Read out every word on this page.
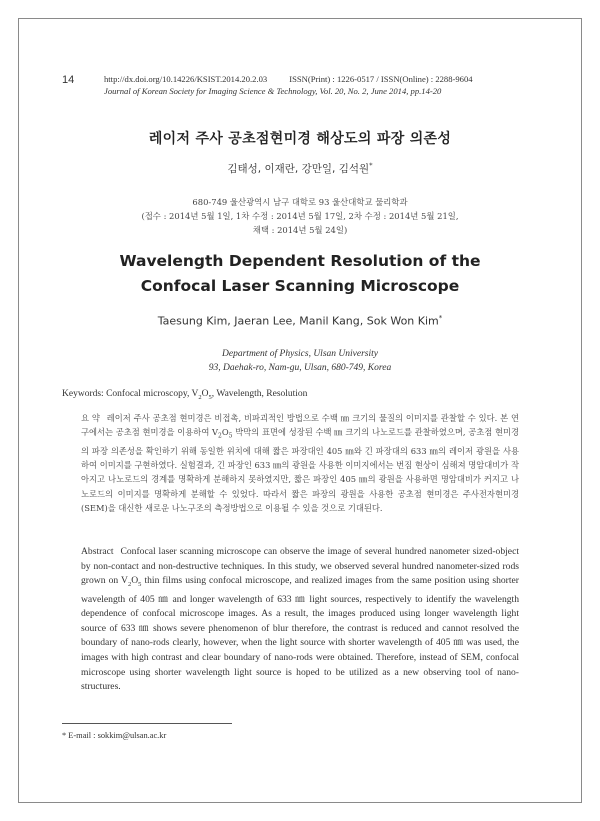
14	http://dx.doi.org/10.14226/KSIST.2014.20.2.03	ISSN(Print) : 1226-0517 / ISSN(Online) : 2288-9604
Journal of Korean Society for Imaging Science & Technology, Vol. 20, No. 2, June 2014, pp.14-20
레이저 주사 공초점현미경 해상도의 파장 의존성
김태성, 이재란, 강만일, 김석원*
680-749 울산광역시 남구 대학로 93 울산대학교 물리학과
(접수 : 2014년 5월 1일, 1차 수정 : 2014년 5월 17일, 2차 수정 : 2014년 5월 21일,
채택 : 2014년 5월 24일)
Wavelength Dependent Resolution of the
Confocal Laser Scanning Microscope
Taesung Kim, Jaeran Lee, Manil Kang, Sok Won Kim*
Department of Physics, Ulsan University
93, Daehak-ro, Nam-gu, Ulsan, 680-749, Korea
Keywords: Confocal microscopy, $V_2O_5$, Wavelength, Resolution
요 약 레이저 주사 공초점 현미경은 비접촉, 비파괴적인 방법으로 수백 ㎚ 크기의 물질의 이미지를 관찰할 수 있다. 본 연구에서는 공초점 현미경을 이용하여 $V_2O_5$ 박막의 표면에 성장된 수백 ㎚ 크기의 나노로드를 관찰하였으며, 공초점 현미경의 파장 의존성을 확인하기 위해 동일한 위치에 대해 짧은 파장대인 405 ㎚와 긴 파장대의 633 ㎚의 레이저 광원을 사용하여 이미지를 구현하였다. 실험결과, 긴 파장인 633 ㎚의 광원을 사용한 이미지에서는 번짐 현상이 심해져 명암대비가 작아지고 나노로드의 경계를 명확하게 분해하지 못하였지만, 짧은 파장인 405 ㎚의 광원을 사용하면 명암대비가 커지고 나노로드의 이미지를 명확하게 분해할 수 있었다. 따라서 짧은 파장의 광원을 사용한 공초점 현미경은 주사전자현미경(SEM)을 대신한 새로운 나노구조의 측정방법으로 이용될 수 있을 것으로 기대된다.
Abstract Confocal laser scanning microscope can observe the image of several hundred nanometer sized-object by non-contact and non-destructive techniques. In this study, we observed several hundred nanometer-sized rods grown on $V_2O_5$ thin films using confocal microscope, and realized images from the same position using shorter wavelength of 405 ㎚ and longer wavelength of 633 ㎚ light sources, respectively to identify the wavelength dependence of confocal microscope images. As a result, the images produced using longer wavelength light source of 633 ㎚ shows severe phenomenon of blur therefore, the contrast is reduced and cannot resolved the boundary of nano-rods clearly, however, when the light source with shorter wavelength of 405 ㎚ was used, the images with high contrast and clear boundary of nano-rods were obtained. Therefore, instead of SEM, confocal microscope using shorter wavelength light source is hoped to be utilized as a new observing tool of nano-structures.
* E-mail : sokkim@ulsan.ac.kr
